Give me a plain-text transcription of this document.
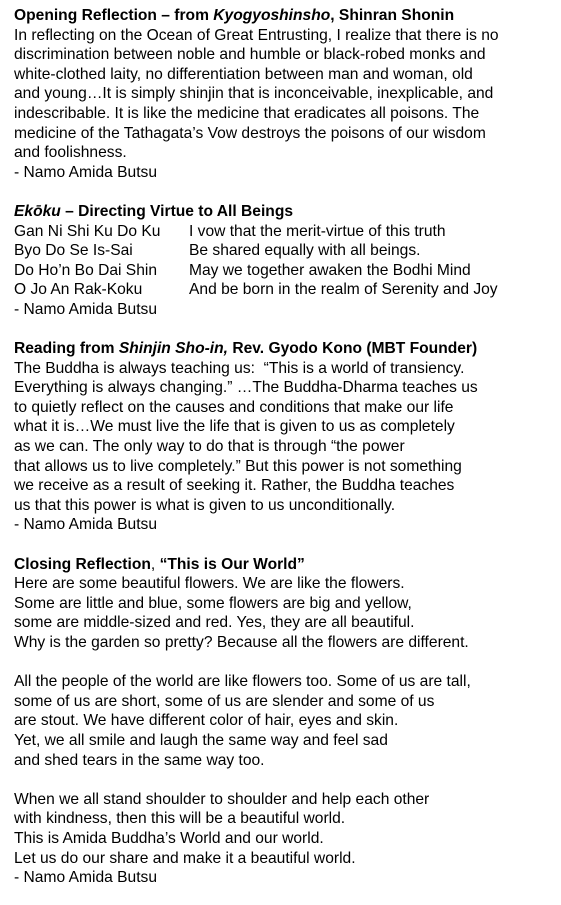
Opening Reflection – from Kyogyoshinsho, Shinran Shonin
In reflecting on the Ocean of Great Entrusting, I realize that there is no
discrimination between noble and humble or black-robed monks and
white-clothed laity, no differentiation between man and woman, old
and young…It is simply shinjin that is inconceivable, inexplicable, and
indescribable. It is like the medicine that eradicates all poisons. The
medicine of the Tathagata’s Vow destroys the poisons of our wisdom
and foolishness.
- Namo Amida Butsu
Ekōku – Directing Virtue to All Beings
Gan Ni Shi Ku Do Ku	I vow that the merit-virtue of this truth
Byo Do Se Is-Sai	Be shared equally with all beings.
Do Ho’n Bo Dai Shin	May we together awaken the Bodhi Mind
O Jo An Rak-Koku	And be born in the realm of Serenity and Joy
- Namo Amida Butsu
Reading from Shinjin Sho-in, Rev. Gyodo Kono (MBT Founder)
The Buddha is always teaching us:  “This is a world of transiency.
Everything is always changing.” …The Buddha-Dharma teaches us
to quietly reflect on the causes and conditions that make our life
what it is…We must live the life that is given to us as completely
as we can. The only way to do that is through “the power
that allows us to live completely.” But this power is not something
we receive as a result of seeking it. Rather, the Buddha teaches
us that this power is what is given to us unconditionally.
- Namo Amida Butsu
Closing Reflection, “This is Our World”
Here are some beautiful flowers. We are like the flowers.
Some are little and blue, some flowers are big and yellow,
some are middle-sized and red. Yes, they are all beautiful.
Why is the garden so pretty? Because all the flowers are different.
All the people of the world are like flowers too. Some of us are tall,
some of us are short, some of us are slender and some of us
are stout. We have different color of hair, eyes and skin.
Yet, we all smile and laugh the same way and feel sad
and shed tears in the same way too.
When we all stand shoulder to shoulder and help each other
with kindness, then this will be a beautiful world.
This is Amida Buddha’s World and our world.
Let us do our share and make it a beautiful world.
- Namo Amida Butsu
